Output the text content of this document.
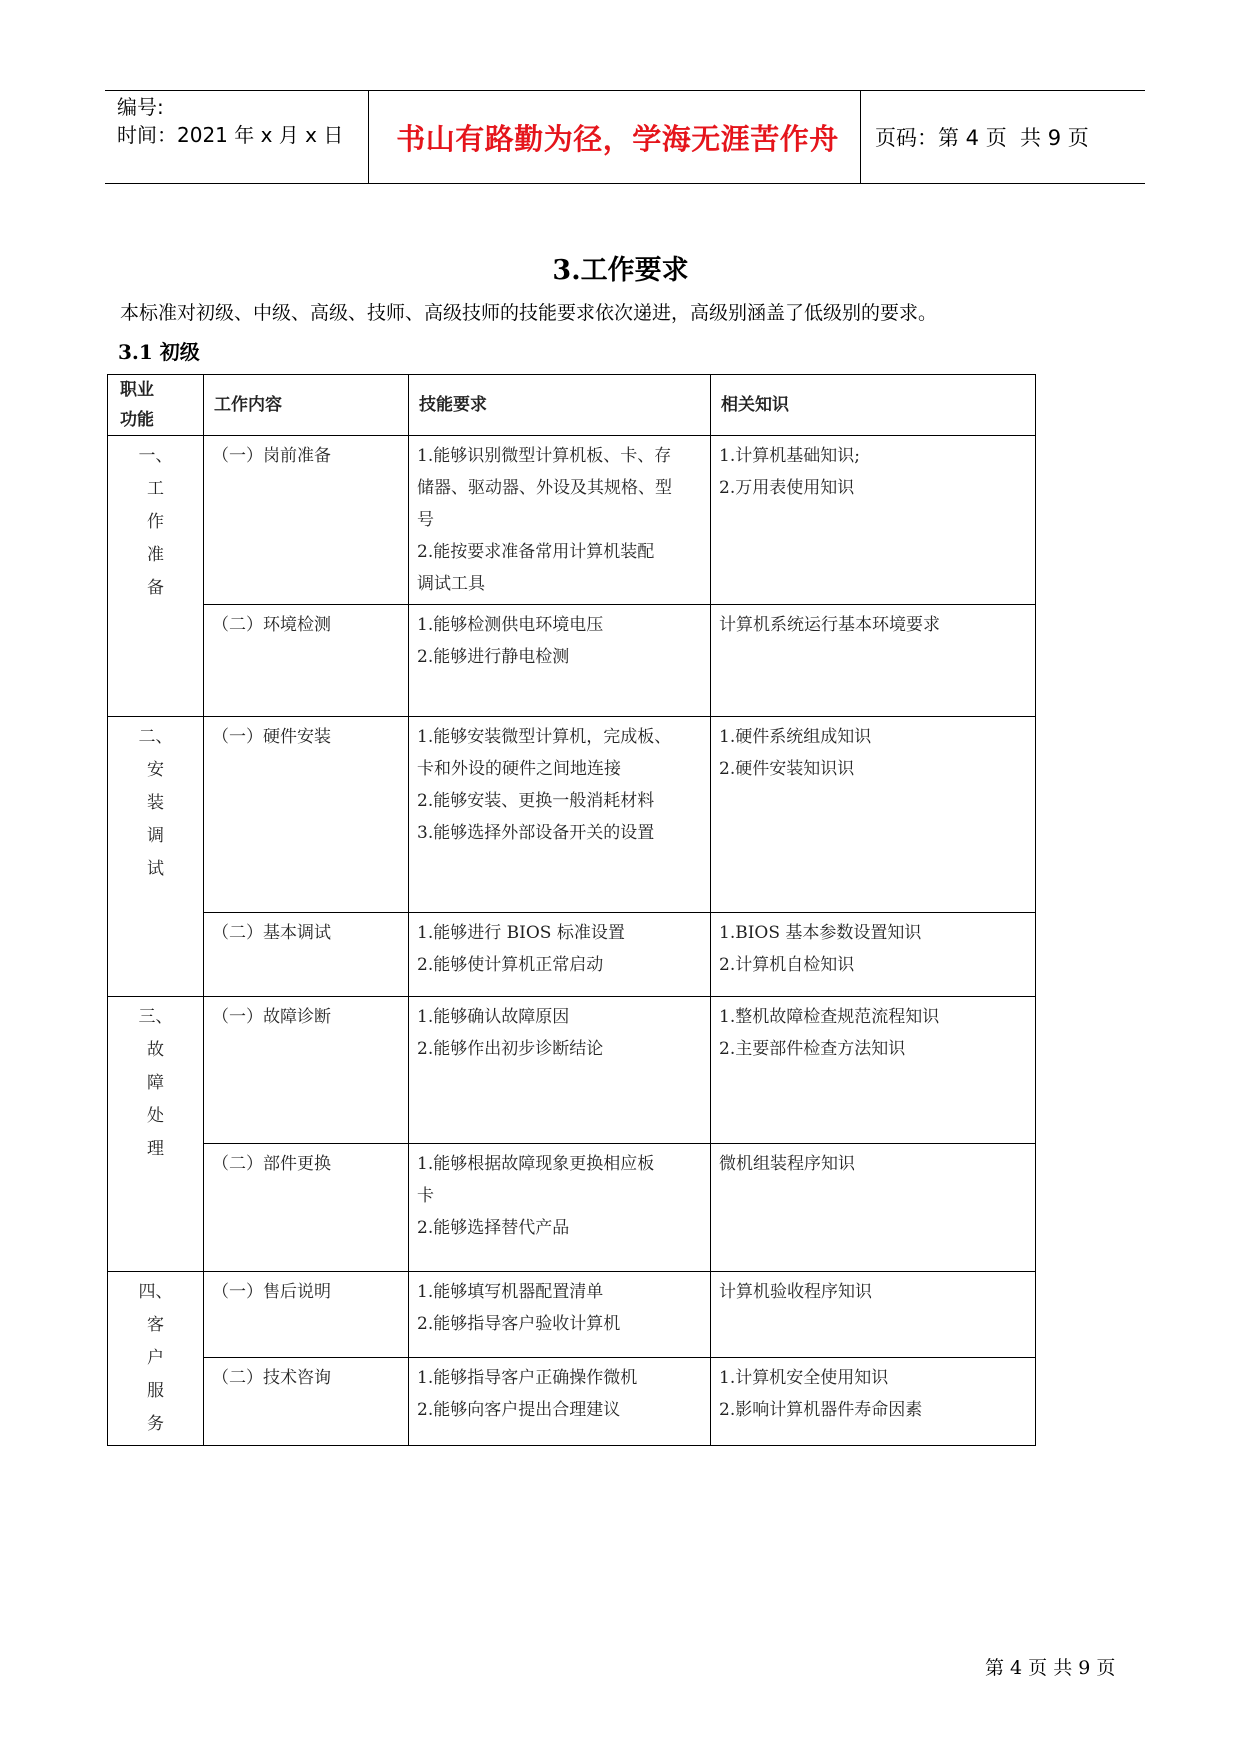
编号:
时间：2021 年 x 月 x 日	书山有路勤为径，学海无涯苦作舟	页码：第 4 页  共 9 页
3.工作要求
本标准对初级、中级、高级、技师、高级技师的技能要求依次递进，高级别涵盖了低级别的要求。
3.1 初级
职业
功能	工作内容	技能要求	相关知识

一、
工
作
准
备	（一）岗前准备	1.能够识别微型计算机板、卡、存
储器、驱动器、外设及其规格、型
号
2.能按要求准备常用计算机装配
调试工具	1.计算机基础知识;
2.万用表使用知识

	（二）环境检测	1.能够检测供电环境电压
2.能够进行静电检测	计算机系统运行基本环境要求

二、
安
装
调
试	（一）硬件安装	1.能够安装微型计算机，完成板、
卡和外设的硬件之间地连接
2.能够安装、更换一般消耗材料
3.能够选择外部设备开关的设置	1.硬件系统组成知识
2.硬件安装知识识

	（二）基本调试	1.能够进行 BIOS 标准设置
2.能够使计算机正常启动	1.BIOS 基本参数设置知识
2.计算机自检知识

三、
故
障
处
理	（一）故障诊断	1.能够确认故障原因
2.能够作出初步诊断结论	1.整机故障检查规范流程知识
2.主要部件检查方法知识

	（二）部件更换	1.能够根据故障现象更换相应板
卡
2.能够选择替代产品	微机组装程序知识

四、
客
户
服
务	（一）售后说明	1.能够填写机器配置清单
2.能够指导客户验收计算机	计算机验收程序知识

	（二）技术咨询	1.能够指导客户正确操作微机
2.能够向客户提出合理建议	1.计算机安全使用知识
2.影响计算机器件寿命因素
第 4 页 共 9 页
